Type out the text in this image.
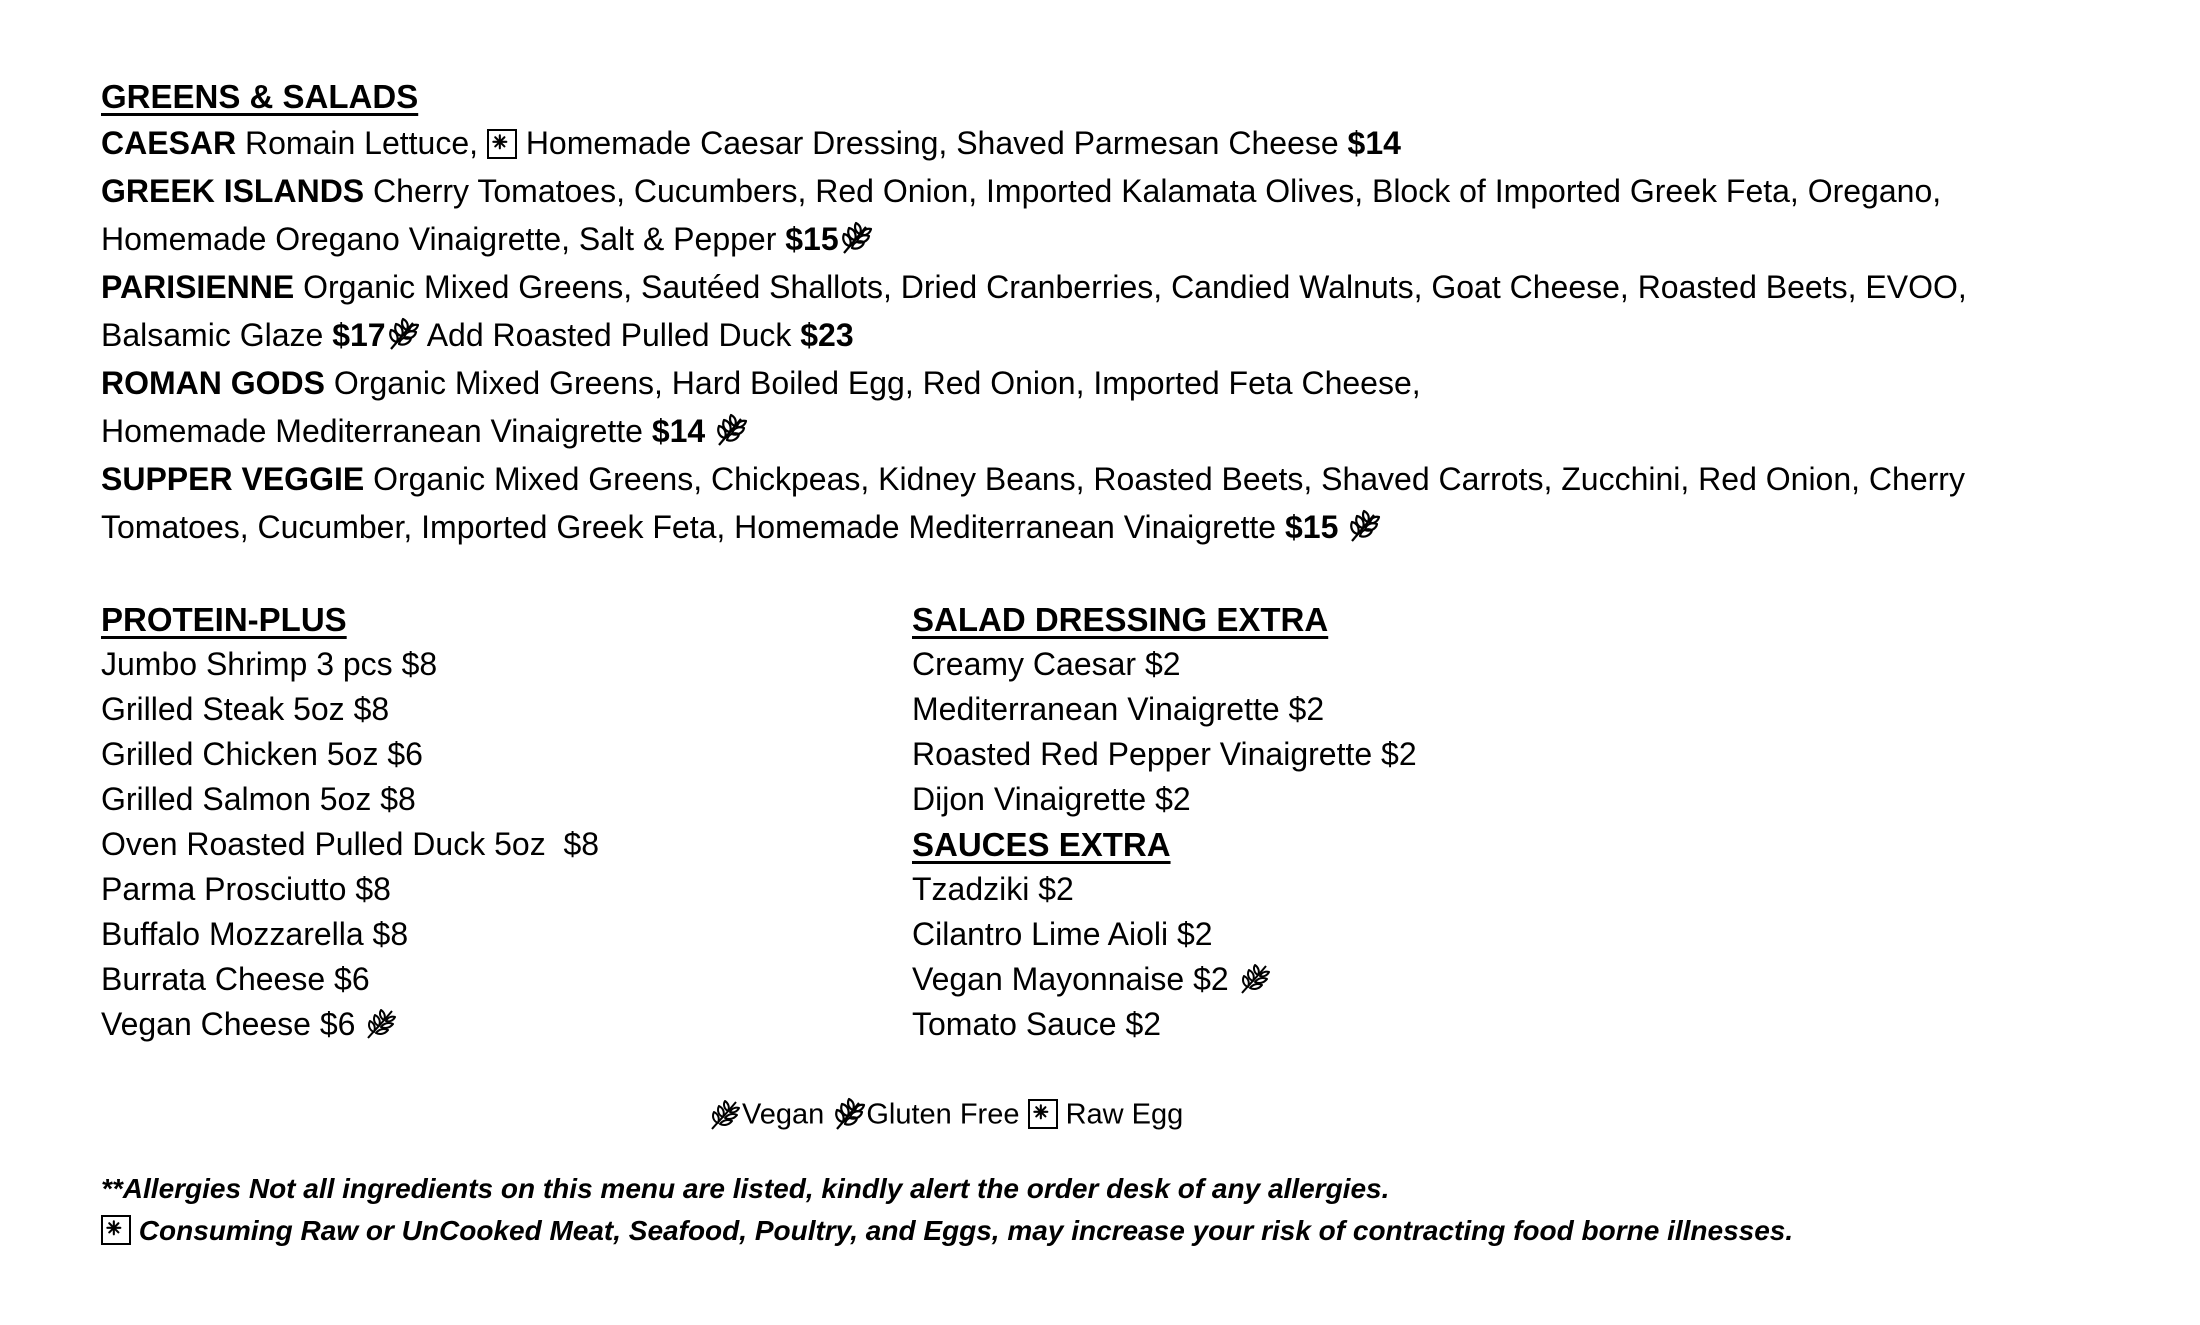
GREENS & SALADS
CAESAR Romain Lettuce, Homemade Caesar Dressing, Shaved Parmesan Cheese $14
GREEK ISLANDS Cherry Tomatoes, Cucumbers, Red Onion, Imported Kalamata Olives, Block of Imported Greek Feta, Oregano,
Homemade Oregano Vinaigrette, Salt & Pepper $15
PARISIENNE Organic Mixed Greens, Sautéed Shallots, Dried Cranberries, Candied Walnuts, Goat Cheese, Roasted Beets, EVOO,
Balsamic Glaze $17 Add Roasted Pulled Duck $23
ROMAN GODS Organic Mixed Greens, Hard Boiled Egg, Red Onion, Imported Feta Cheese,
Homemade Mediterranean Vinaigrette $14
SUPPER VEGGIE Organic Mixed Greens, Chickpeas, Kidney Beans, Roasted Beets, Shaved Carrots, Zucchini, Red Onion, Cherry
Tomatoes, Cucumber, Imported Greek Feta, Homemade Mediterranean Vinaigrette $15
PROTEIN-PLUS
Jumbo Shrimp 3 pcs $8
Grilled Steak 5oz $8
Grilled Chicken 5oz $6
Grilled Salmon 5oz $8
Oven Roasted Pulled Duck 5oz  $8
Parma Prosciutto $8
Buffalo Mozzarella $8
Burrata Cheese $6
Vegan Cheese $6
SALAD DRESSING EXTRA
Creamy Caesar $2
Mediterranean Vinaigrette $2
Roasted Red Pepper Vinaigrette $2
Dijon Vinaigrette $2
SAUCES EXTRA
Tzadziki $2
Cilantro Lime Aioli $2
Vegan Mayonnaise $2
Tomato Sauce $2
Vegan Gluten Free Raw Egg
**Allergies Not all ingredients on this menu are listed, kindly alert the order desk of any allergies.
Consuming Raw or UnCooked Meat, Seafood, Poultry, and Eggs, may increase your risk of contracting food borne illnesses.
